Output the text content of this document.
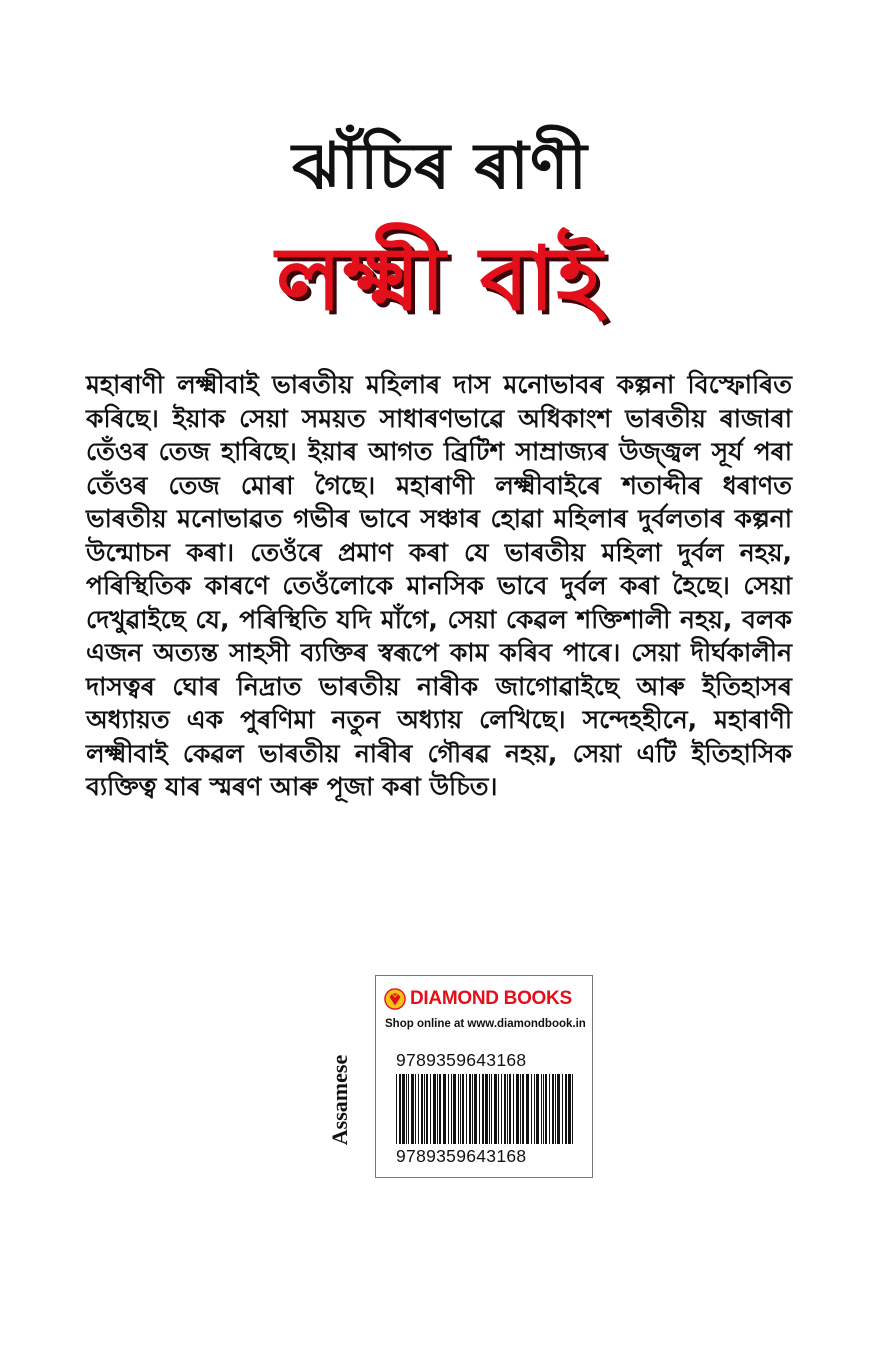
ঝাঁচিৰ ৰাণী
লক্ষ্মী বাই
মহাৰাণী লক্ষ্মীবাই ভাৰতীয় মহিলাৰ দাস মনোভাবৰ কল্পনা বিস্ফোৰিত কৰিছে। ইয়াক সেয়া সময়ত সাধাৰণভাৱে অধিকাংশ ভাৰতীয় ৰাজাৰা তেঁওৰ তেজ হাৰিছে। ইয়াৰ আগত ব্ৰিটিশ সাম্ৰাজ্যৰ উজ্জ্বল সূৰ্য পৰা তেঁওৰ তেজ মোৰা গৈছে। মহাৰাণী লক্ষ্মীবাইৰে শতাব্দীৰ ধৰাণত ভাৰতীয় মনোভাৱত গভীৰ ভাবে সঞ্চাৰ হোৱা মহিলাৰ দুৰ্বলতাৰ কল্পনা উন্মোচন কৰা। তেওঁৰে প্ৰমাণ কৰা যে ভাৰতীয় মহিলা দুৰ্বল নহয়, পৰিস্থিতিক কাৰণে তেওঁলোকে মানসিক ভাবে দুৰ্বল কৰা হৈছে। সেয়া দেখুৱাইছে যে, পৰিস্থিতি যদি মাঁগে, সেয়া কেৱল শক্তিশালী নহয়, বলক এজন অত্যন্ত সাহসী ব্যক্তিৰ স্বৰূপে কাম কৰিব পাৰে। সেয়া দীৰ্ঘকালীন দাসত্বৰ ঘোৰ নিদ্ৰাত ভাৰতীয় নাৰীক জাগোৱাইছে আৰু ইতিহাসৰ অধ্যায়ত এক পুৰণিমা নতুন অধ্যায় লেখিছে। সন্দেহহীনে, মহাৰাণী লক্ষ্মীবাই কেৱল ভাৰতীয় নাৰীৰ গৌৰৱ নহয়, সেয়া এটি ইতিহাসিক ব্যক্তিত্ব যাৰ স্মৰণ আৰু পূজা কৰা উচিত।
Assamese
DIAMOND BOOKS
Shop online at www.diamondbook.in
9789359643168
9789359643168
